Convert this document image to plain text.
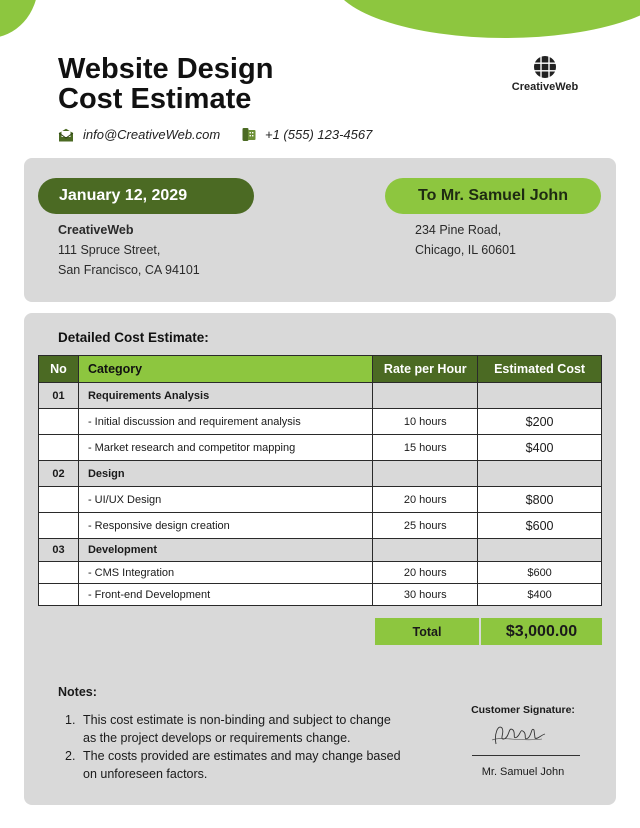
Website Design
Cost Estimate	CreativeWeb
info@CreativeWeb.com	+1 (555) 123-4567
January 12, 2029	To Mr. Samuel John
CreativeWeb
111 Spruce Street,
San Francisco, CA 94101
234 Pine Road,
Chicago, IL 60601
Detailed Cost Estimate:
No	Category	Rate per Hour	Estimated Cost
01	Requirements Analysis		
	- Initial discussion and requirement analysis	10 hours	$200
	- Market research and competitor mapping	15 hours	$400
02	Design		
	- UI/UX Design	20 hours	$800
	- Responsive design creation	25 hours	$600
03	Development		
	- CMS Integration	20 hours	$600
	- Front-end Development	30 hours	$400
Total	$3,000.00
Notes:
1. This cost estimate is non-binding and subject to change as the project develops or requirements change.
2. The costs provided are estimates and may change based on unforeseen factors.
Customer Signature:
Mr. Samuel John
